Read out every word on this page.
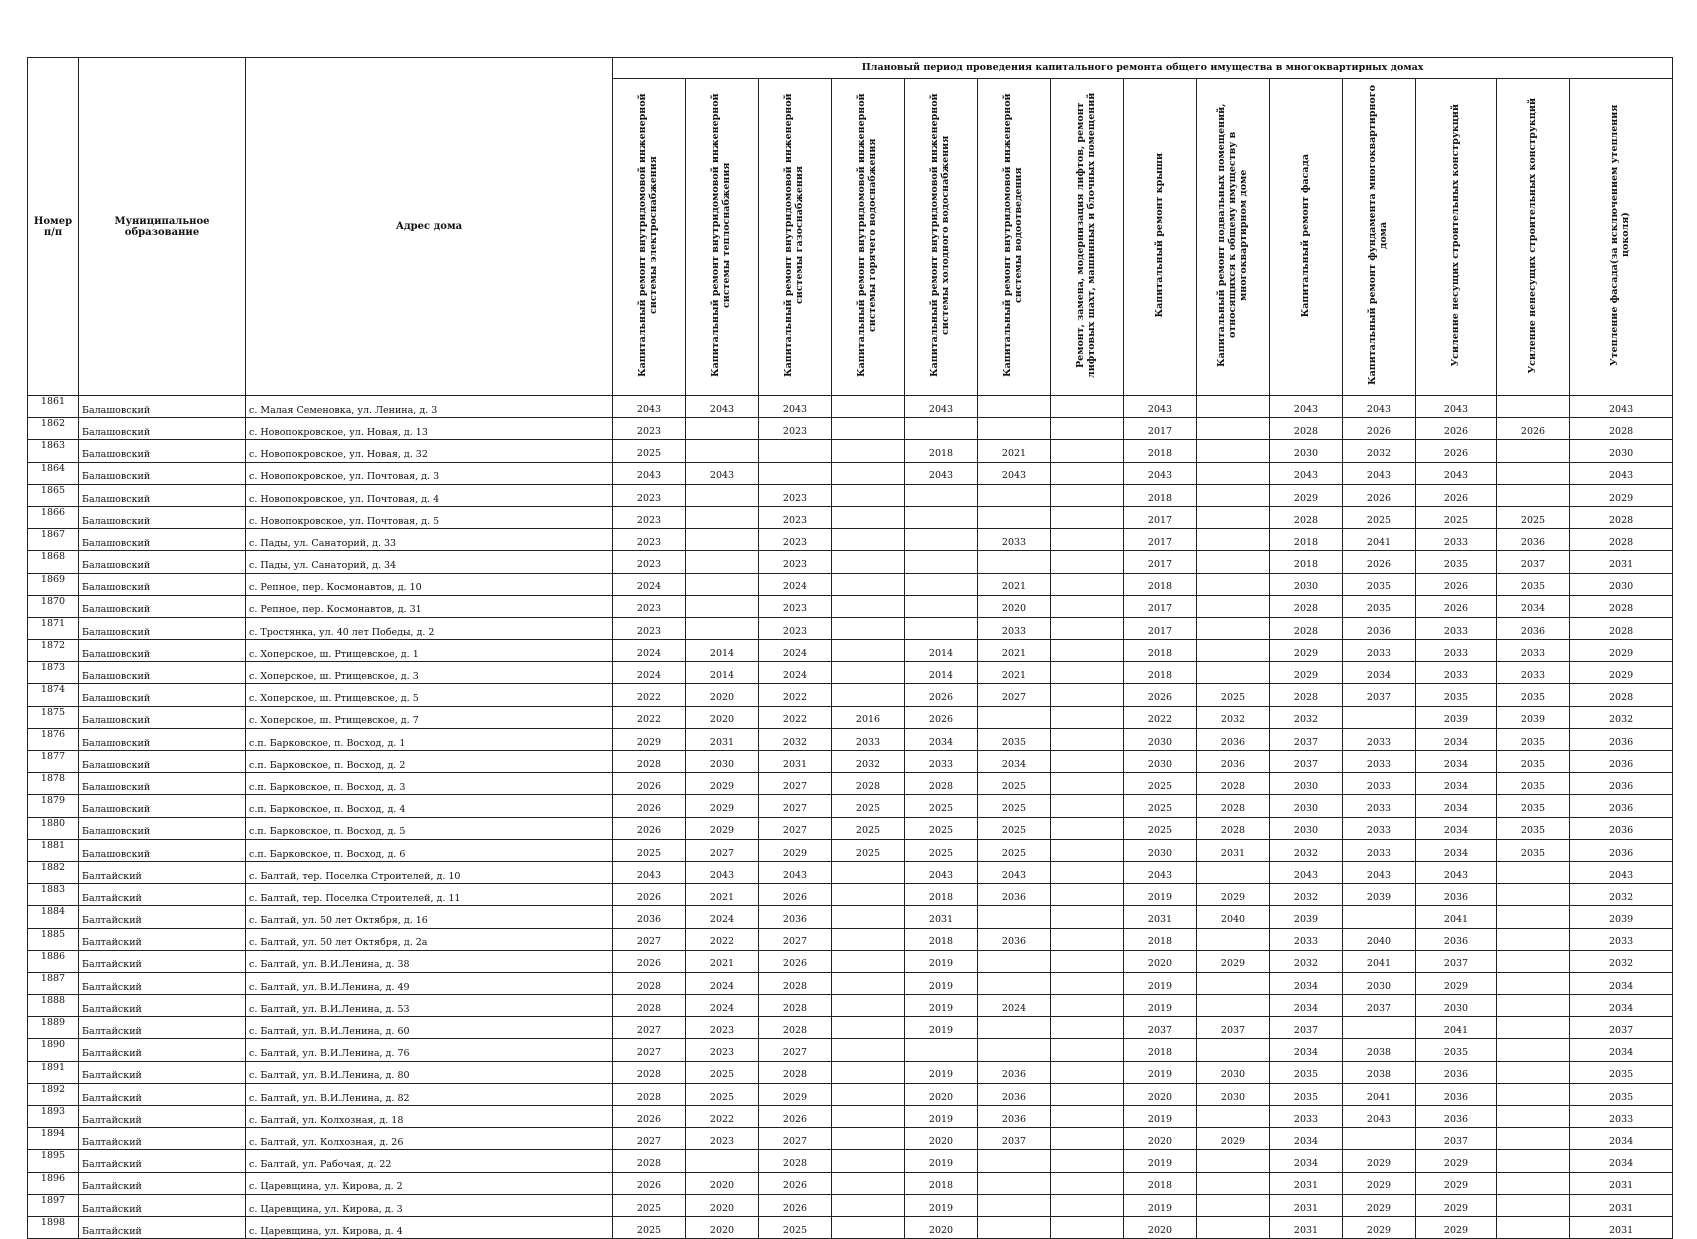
Номер п/п	Муниципальное образование	Адрес дома	Плановый период проведения капитального ремонта общего имущества в многоквартирных домах													
			Капитальный ремонт внутридомовой инженерной системы электроснабжения	Капитальный ремонт внутридомовой инженерной системы теплоснабжения	Капитальный ремонт внутридомовой инженерной системы газоснабжения	Капитальный ремонт внутридомовой инженерной системы горячего водоснабжения	Капитальный ремонт внутридомовой инженерной системы холодного водоснабжения	Капитальный ремонт внутридомовой инженерной системы водоотведения	Ремонт, замена, модернизация лифтов, ремонт лифтовых шахт, машинных и блочных помещений	Капитальный ремонт крыши	Капитальный ремонт подвальных помещений, относящихся к общему имуществу в многоквартирном доме	Капитальный ремонт фасада	Капитальный ремонт фундамента многоквартирного дома	Усиление несущих строительных конструкций	Усиление ненесущих строительных конструкций	Утепление фасада(за исключением утепления цоколя)
1861	Балашовский	с. Малая Семеновка, ул. Ленина, д. 3	2043	2043	2043		2043			2043		2043	2043	2043		2043
1862	Балашовский	с. Новопокровское, ул. Новая, д. 13	2023		2023					2017		2028	2026	2026	2026	2028
1863	Балашовский	с. Новопокровское, ул. Новая, д. 32	2025				2018	2021		2018		2030	2032	2026		2030
1864	Балашовский	с. Новопокровское, ул. Почтовая, д. 3	2043	2043			2043	2043		2043		2043	2043	2043		2043
1865	Балашовский	с. Новопокровское, ул. Почтовая, д. 4	2023		2023					2018		2029	2026	2026		2029
1866	Балашовский	с. Новопокровское, ул. Почтовая, д. 5	2023		2023					2017		2028	2025	2025	2025	2028
1867	Балашовский	с. Пады, ул. Санаторий, д. 33	2023		2023			2033		2017		2018	2041	2033	2036	2028
1868	Балашовский	с. Пады, ул. Санаторий, д. 34	2023		2023					2017		2018	2026	2035	2037	2031
1869	Балашовский	с. Репное, пер. Космонавтов, д. 10	2024		2024			2021		2018		2030	2035	2026	2035	2030
1870	Балашовский	с. Репное, пер. Космонавтов, д. 31	2023		2023			2020		2017		2028	2035	2026	2034	2028
1871	Балашовский	с. Тростянка, ул. 40 лет Победы, д. 2	2023		2023			2033		2017		2028	2036	2033	2036	2028
1872	Балашовский	с. Хоперское, ш. Ртищевское, д. 1	2024	2014	2024		2014	2021		2018		2029	2033	2033	2033	2029
1873	Балашовский	с. Хоперское, ш. Ртищевское, д. 3	2024	2014	2024		2014	2021		2018		2029	2034	2033	2033	2029
1874	Балашовский	с. Хоперское, ш. Ртищевское, д. 5	2022	2020	2022		2026	2027		2026	2025	2028	2037	2035	2035	2028
1875	Балашовский	с. Хоперское, ш. Ртищевское, д. 7	2022	2020	2022	2016	2026			2022	2032	2032		2039	2039	2032
1876	Балашовский	с.п. Барковское, п. Восход, д. 1	2029	2031	2032	2033	2034	2035		2030	2036	2037	2033	2034	2035	2036
1877	Балашовский	с.п. Барковское, п. Восход, д. 2	2028	2030	2031	2032	2033	2034		2030	2036	2037	2033	2034	2035	2036
1878	Балашовский	с.п. Барковское, п. Восход, д. 3	2026	2029	2027	2028	2028	2025		2025	2028	2030	2033	2034	2035	2036
1879	Балашовский	с.п. Барковское, п. Восход, д. 4	2026	2029	2027	2025	2025	2025		2025	2028	2030	2033	2034	2035	2036
1880	Балашовский	с.п. Барковское, п. Восход, д. 5	2026	2029	2027	2025	2025	2025		2025	2028	2030	2033	2034	2035	2036
1881	Балашовский	с.п. Барковское, п. Восход, д. 6	2025	2027	2029	2025	2025	2025		2030	2031	2032	2033	2034	2035	2036
1882	Балтайский	с. Балтай, тер. Поселка Строителей, д. 10	2043	2043	2043		2043	2043		2043		2043	2043	2043		2043
1883	Балтайский	с. Балтай, тер. Поселка Строителей, д. 11	2026	2021	2026		2018	2036		2019	2029	2032	2039	2036		2032
1884	Балтайский	с. Балтай, ул. 50 лет Октября, д. 16	2036	2024	2036		2031			2031	2040	2039		2041		2039
1885	Балтайский	с. Балтай, ул. 50 лет Октября, д. 2а	2027	2022	2027		2018	2036		2018		2033	2040	2036		2033
1886	Балтайский	с. Балтай, ул. В.И.Ленина, д. 38	2026	2021	2026		2019			2020	2029	2032	2041	2037		2032
1887	Балтайский	с. Балтай, ул. В.И.Ленина, д. 49	2028	2024	2028		2019			2019		2034	2030	2029		2034
1888	Балтайский	с. Балтай, ул. В.И.Ленина, д. 53	2028	2024	2028		2019	2024		2019		2034	2037	2030		2034
1889	Балтайский	с. Балтай, ул. В.И.Ленина, д. 60	2027	2023	2028		2019			2037	2037	2037		2041		2037
1890	Балтайский	с. Балтай, ул. В.И.Ленина, д. 76	2027	2023	2027					2018		2034	2038	2035		2034
1891	Балтайский	с. Балтай, ул. В.И.Ленина, д. 80	2028	2025	2028		2019	2036		2019	2030	2035	2038	2036		2035
1892	Балтайский	с. Балтай, ул. В.И.Ленина, д. 82	2028	2025	2029		2020	2036		2020	2030	2035	2041	2036		2035
1893	Балтайский	с. Балтай, ул. Колхозная, д. 18	2026	2022	2026		2019	2036		2019		2033	2043	2036		2033
1894	Балтайский	с. Балтай, ул. Колхозная, д. 26	2027	2023	2027		2020	2037		2020	2029	2034		2037		2034
1895	Балтайский	с. Балтай, ул. Рабочая, д. 22	2028		2028		2019			2019		2034	2029	2029		2034
1896	Балтайский	с. Царевщина, ул. Кирова, д. 2	2026	2020	2026		2018			2018		2031	2029	2029		2031
1897	Балтайский	с. Царевщина, ул. Кирова, д. 3	2025	2020	2026		2019			2019		2031	2029	2029		2031
1898	Балтайский	с. Царевщина, ул. Кирова, д. 4	2025	2020	2025		2020			2020		2031	2029	2029		2031
